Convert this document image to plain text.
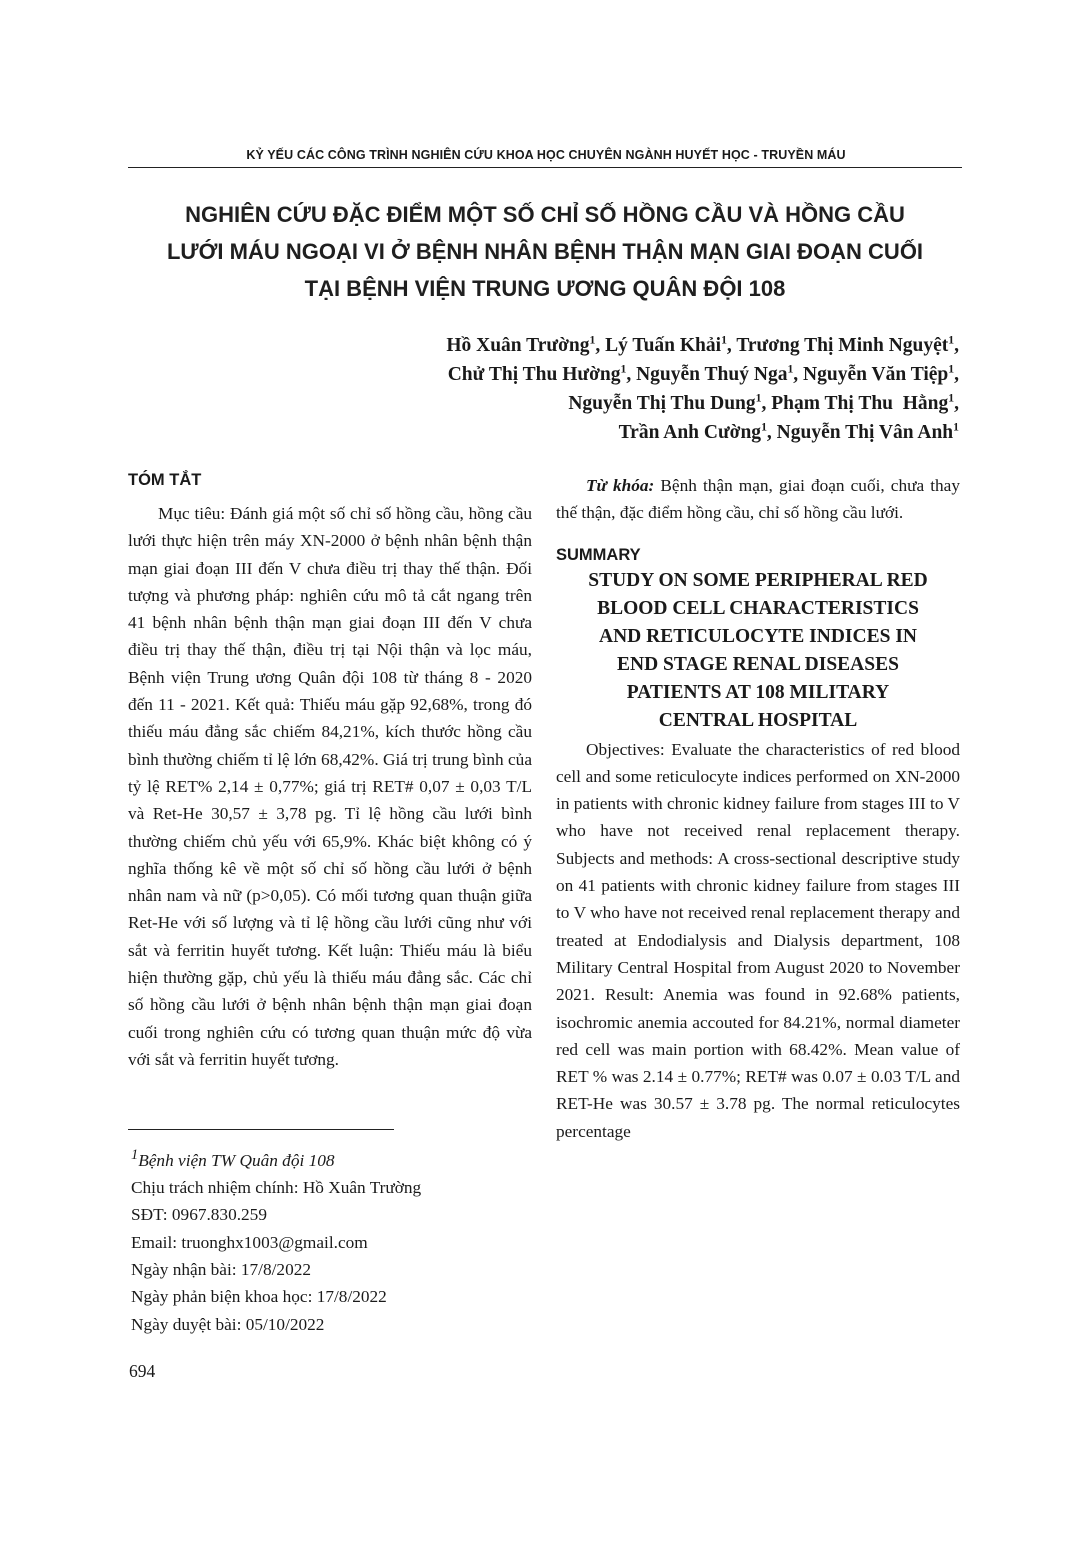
KỶ YẾU CÁC CÔNG TRÌNH NGHIÊN CỨU KHOA HỌC CHUYÊN NGÀNH HUYẾT HỌC - TRUYỀN MÁU
NGHIÊN CỨU ĐẶC ĐIỂM MỘT SỐ CHỈ SỐ HỒNG CẦU VÀ HỒNG CẦU
LƯỚI MÁU NGOẠI VI Ở BỆNH NHÂN BỆNH THẬN MẠN GIAI ĐOẠN CUỐI
TẠI BỆNH VIỆN TRUNG ƯƠNG QUÂN ĐỘI 108
Hồ Xuân Trường$^1$, Lý Tuấn Khải$^1$, Trương Thị Minh Nguyệt$^1$,
Chử Thị Thu Hường$^1$, Nguyễn Thuý Nga$^1$, Nguyễn Văn Tiệp$^1$,
Nguyễn Thị Thu Dung$^1$, Phạm Thị Thu  Hằng$^1$,
Trần Anh Cường$^1$, Nguyễn Thị Vân Anh$^1$
TÓM TẮT

Mục tiêu: Đánh giá một số chỉ số hồng cầu, hồng cầu lưới thực hiện trên máy XN-2000 ở bệnh nhân bệnh thận mạn giai đoạn III đến V chưa điều trị thay thế thận. Đối tượng và phương pháp: nghiên cứu mô tả cắt ngang trên 41 bệnh nhân bệnh thận mạn giai đoạn III đến V chưa điều trị thay thế thận, điều trị tại Nội thận và lọc máu, Bệnh viện Trung ương Quân đội 108 từ tháng 8 - 2020 đến 11 - 2021. Kết quả: Thiếu máu gặp 92,68%, trong đó thiếu máu đẳng sắc chiếm 84,21%, kích thước hồng cầu bình thường chiếm tỉ lệ lớn 68,42%. Giá trị trung bình của tỷ lệ RET% 2,14 ± 0,77%; giá trị RET# 0,07 ± 0,03 T/L và Ret-He 30,57 ± 3,78 pg. Tỉ lệ hồng cầu lưới bình thường chiếm chủ yếu với 65,9%. Khác biệt không có ý nghĩa thống kê về một số chỉ số hồng cầu lưới ở bệnh nhân nam và nữ (p>0,05). Có mối tương quan thuận giữa Ret-He với số lượng và tỉ lệ hồng cầu lưới cũng như với sắt và ferritin huyết tương. Kết luận: Thiếu máu là biểu hiện thường gặp, chủ yếu là thiếu máu đẳng sắc. Các chỉ số hồng cầu lưới ở bệnh nhân bệnh thận mạn giai đoạn cuối trong nghiên cứu có tương quan thuận mức độ vừa với sắt và ferritin huyết tương.

Từ khóa: Bệnh thận mạn, giai đoạn cuối, chưa thay thế thận, đặc điểm hồng cầu, chỉ số hồng cầu lưới.

SUMMARY
STUDY ON SOME PERIPHERAL RED
BLOOD CELL CHARACTERISTICS
AND RETICULOCYTE INDICES IN
END STAGE RENAL DISEASES
PATIENTS AT 108 MILITARY
CENTRAL HOSPITAL

Objectives: Evaluate the characteristics of red blood cell and some reticulocyte indices performed on XN-2000 in patients with chronic kidney failure from stages III to V who have not received renal replacement therapy. Subjects and methods: A cross-sectional descriptive study on 41 patients with chronic kidney failure from stages III to V who have not received renal replacement therapy and treated at Endodialysis and Dialysis department, 108 Military Central Hospital from August 2020 to November 2021. Result: Anemia was found in 92.68% patients, isochromic anemia accouted for 84.21%, normal diameter red cell was main portion with 68.42%. Mean value of RET % was 2.14 ± 0.77%; RET# was 0.07 ± 0.03 T/L and RET-He was 30.57 ± 3.78 pg. The normal reticulocytes percentage

$^1$Bệnh viện TW Quân đội 108
Chịu trách nhiệm chính: Hồ Xuân Trường
SĐT: 0967.830.259
Email: truonghx1003@gmail.com
Ngày nhận bài: 17/8/2022
Ngày phản biện khoa học: 17/8/2022
Ngày duyệt bài: 05/10/2022
694
